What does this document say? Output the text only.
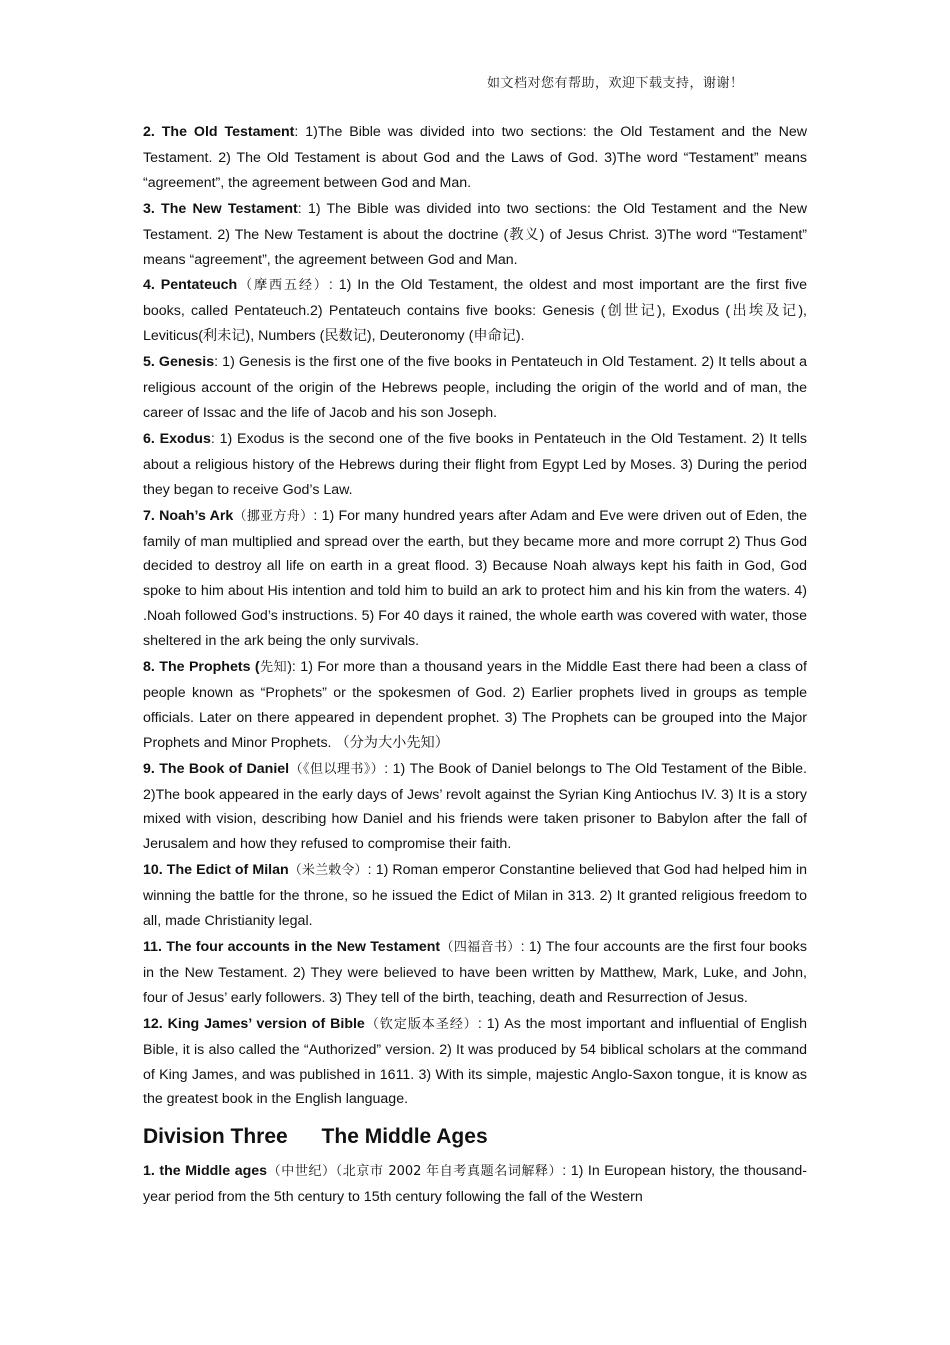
如文档对您有帮助，欢迎下载支持，谢谢！

2. The Old Testament: 1)The Bible was divided into two sections: the Old Testament and the New Testament. 2) The Old Testament is about God and the Laws of God. 3)The word “Testament” means “agreement”, the agreement between God and Man.

3. The New Testament: 1) The Bible was divided into two sections: the Old Testament and the New Testament. 2) The New Testament is about the doctrine (教义) of Jesus Christ. 3)The word “Testament” means “agreement”, the agreement between God and Man.

4. Pentateuch（摩西五经）: 1) In the Old Testament, the oldest and most important are the first five books, called Pentateuch.2) Pentateuch contains five books: Genesis (创世记), Exodus (出埃及记), Leviticus(利未记), Numbers (民数记), Deuteronomy (申命记).

5. Genesis: 1) Genesis is the first one of the five books in Pentateuch in Old Testament. 2) It tells about a religious account of the origin of the Hebrews people, including the origin of the world and of man, the career of Issac and the life of Jacob and his son Joseph.

6. Exodus: 1) Exodus is the second one of the five books in Pentateuch in the Old Testament. 2) It tells about a religious history of the Hebrews during their flight from Egypt Led by Moses. 3) During the period they began to receive God’s Law.

7. Noah’s Ark（挪亚方舟）: 1) For many hundred years after Adam and Eve were driven out of Eden, the family of man multiplied and spread over the earth, but they became more and more corrupt 2) Thus God decided to destroy all life on earth in a great flood. 3) Because Noah always kept his faith in God, God spoke to him about His intention and told him to build an ark to protect him and his kin from the waters. 4) .Noah followed God’s instructions. 5) For 40 days it rained, the whole earth was covered with water, those sheltered in the ark being the only survivals.

8. The Prophets (先知): 1) For more than a thousand years in the Middle East there had been a class of people known as “Prophets” or the spokesmen of God. 2) Earlier prophets lived in groups as temple officials. Later on there appeared in dependent prophet. 3) The Prophets can be grouped into the Major Prophets and Minor Prophets. （分为大小先知）

9. The Book of Daniel（《但以理书》）: 1) The Book of Daniel belongs to The Old Testament of the Bible. 2)The book appeared in the early days of Jews’ revolt against the Syrian King Antiochus IV. 3) It is a story mixed with vision, describing how Daniel and his friends were taken prisoner to Babylon after the fall of Jerusalem and how they refused to compromise their faith.

10. The Edict of Milan（米兰敕令）: 1) Roman emperor Constantine believed that God had helped him in winning the battle for the throne, so he issued the Edict of Milan in 313. 2) It granted religious freedom to all, made Christianity legal.

11. The four accounts in the New Testament（四福音书）: 1) The four accounts are the first four books in the New Testament. 2) They were believed to have been written by Matthew, Mark, Luke, and John, four of Jesus’ early followers. 3) They tell of the birth, teaching, death and Resurrection of Jesus.

12. King James’ version of Bible（钦定版本圣经）: 1) As the most important and influential of English Bible, it is also called the “Authorized” version. 2) It was produced by 54 biblical scholars at the command of King James, and was published in 1611. 3) With its simple, majestic Anglo-Saxon tongue, it is know as the greatest book in the English language.

Division Three The Middle Ages

1. the Middle ages（中世纪）（北京市 2002 年自考真题名词解释）: 1) In European history, the thousand-year period from the 5th century to 15th century following the fall of the Western
